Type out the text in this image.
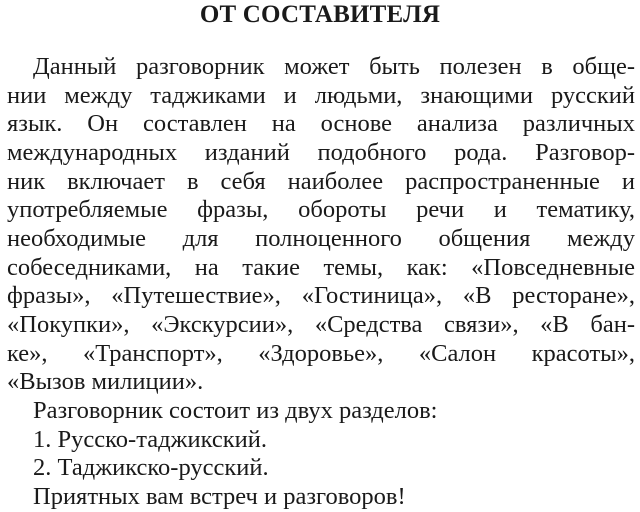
ОТ СОСТАВИТЕЛЯ

Данный разговорник может быть полезен в обще-

нии между таджиками и людьми, знающими русский

язык. Он составлен на основе анализа различных

международных изданий подобного рода. Разговор-

ник включает в себя наиболее распространенные и

употребляемые фразы, обороты речи и тематику,

необходимые для полноценного общения между

собеседниками, на такие темы, как: «Повседневные

фразы», «Путешествие», «Гостиница», «В ресторане»,

«Покупки», «Экскурсии», «Средства связи», «В бан-

ке», «Транспорт», «Здоровье», «Салон красоты»,

«Вызов милиции».

Разговорник состоит из двух разделов:

1. Русско-таджикский.

2. Таджикско-русский.

Приятных вам встреч и разговоров!
